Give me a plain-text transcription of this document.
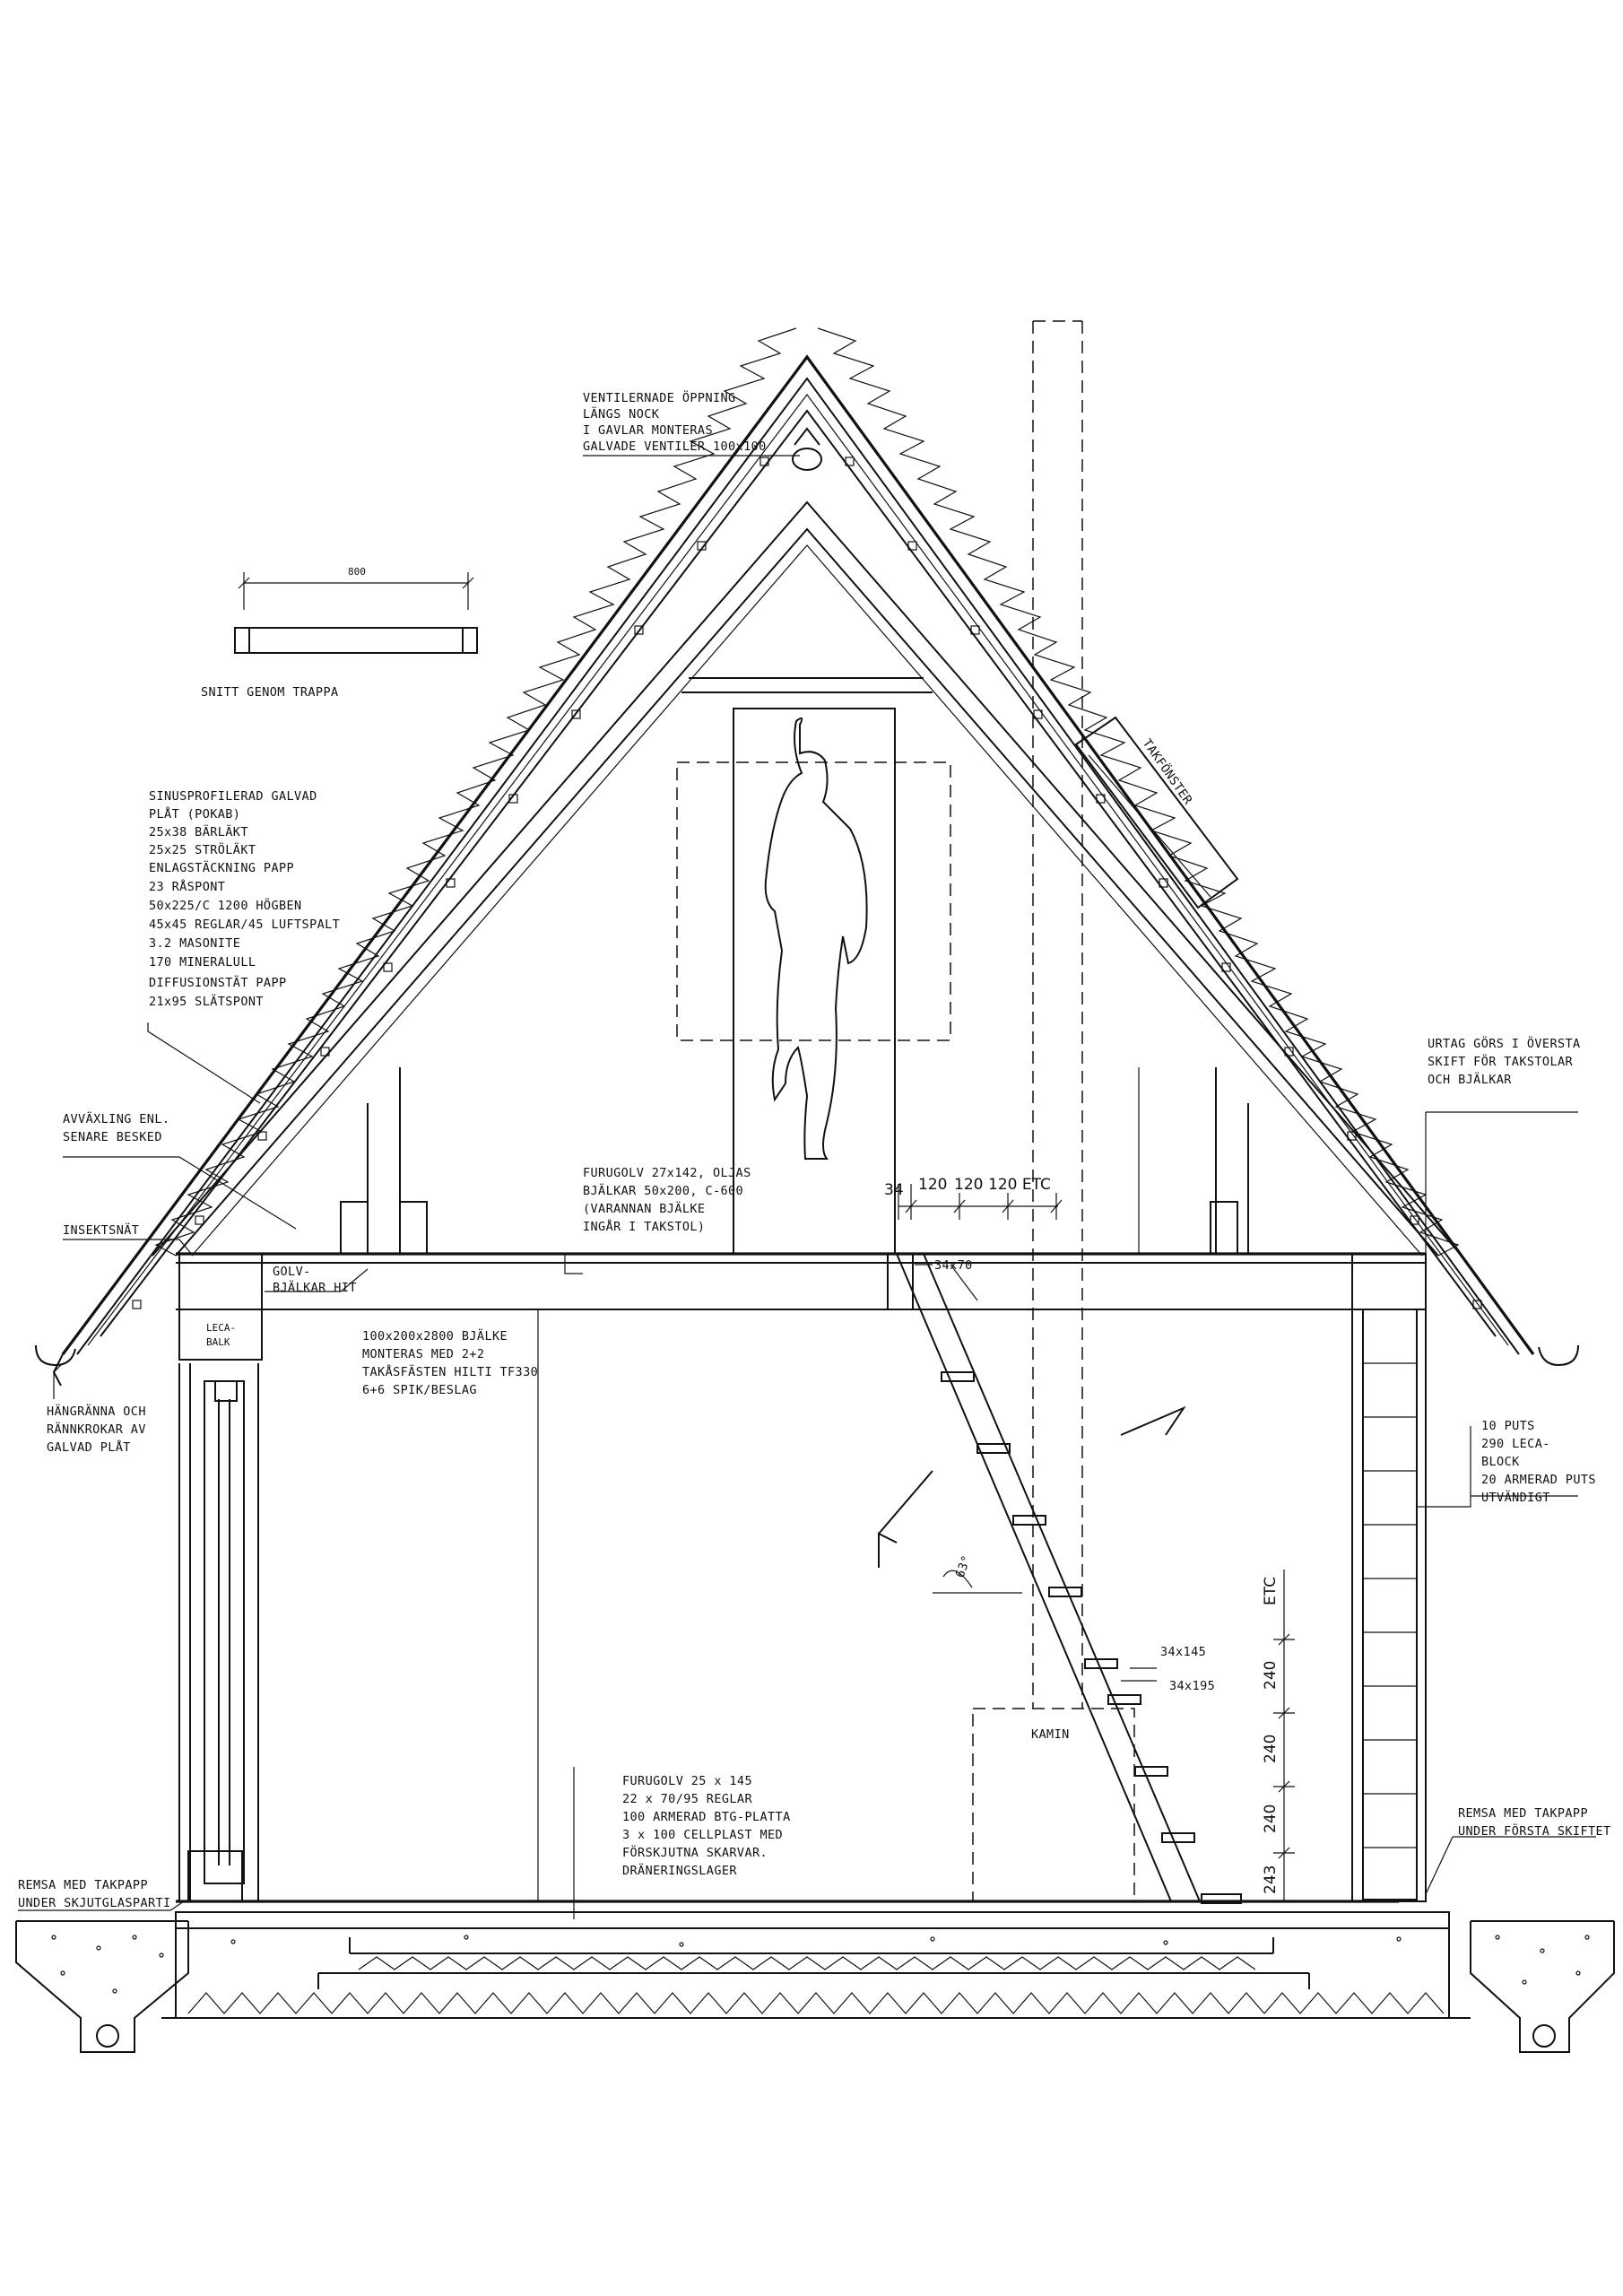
TAKFÖNSTER
63°
KAMIN
800
SNITT GENOM TRAPPA
34 120 120 120 ETC
ETC
240
240
240
243
VENTILERNADE ÖPPNING
LÄNGS NOCK
I GAVLAR MONTERAS
GALVADE VENTILER 100x100
SINUSPROFILERAD GALVAD
PLÅT (POKAB)
25x38 BÄRLÄKT
25x25 STRÖLÄKT
ENLAGSTÄCKNING PAPP
23 RÅSPONT
50x225/C 1200 HÖGBEN
45x45 REGLAR/45 LUFTSPALT
3.2 MASONITE
170 MINERALULL
DIFFUSIONSTÄT PAPP
21x95 SLÄTSPONT
AVVÄXLING ENL.
SENARE BESKED
INSEKTSNÄT
GOLV-
BJÄLKAR HIT
LECA-
BALK
FURUGOLV 27x142, OLJAS
BJÄLKAR 50x200, C-600
(VARANNAN BJÄLKE
INGÅR I TAKSTOL)
100x200x2800 BJÄLKE
MONTERAS MED 2+2
TAKÅSFÄSTEN HILTI TF330
6+6 SPIK/BESLAG
HÄNGRÄNNA OCH
RÄNNKROKAR AV
GALVAD PLÅT
URTAG GÖRS I ÖVERSTA
SKIFT FÖR TAKSTOLAR
OCH BJÄLKAR
10 PUTS
290 LECA-
BLOCK
20 ARMERAD PUTS
UTVÄNDIGT
34x70
34x145
34x195
FURUGOLV 25 x 145
22 x 70/95 REGLAR
100 ARMERAD BTG-PLATTA
3 x 100 CELLPLAST MED
FÖRSKJUTNA SKARVAR.
DRÄNERINGSLAGER
REMSA MED TAKPAPP
UNDER FÖRSTA SKIFTET
REMSA MED TAKPAPP
UNDER SKJUTGLASPARTI
